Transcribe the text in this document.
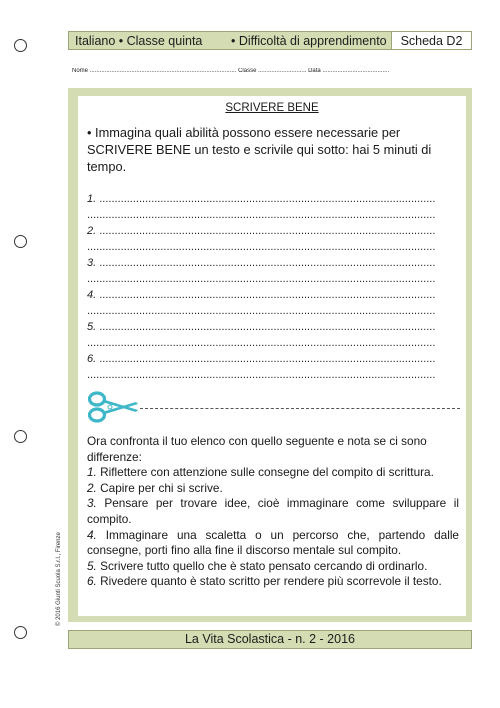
Italiano • Classe quinta	• Difficoltà di apprendimento	Scheda D2
Nome ........................................................................................ Classe ............................. Data ........................................
SCRIVERE BENE
• Immagina quali abilità possono essere necessarie per SCRIVERE BENE un testo e scrivile qui sotto: hai 5 minuti di tempo.
1. ..............................................................................................................
..................................................................................................................
2. ..............................................................................................................
..................................................................................................................
3. ..............................................................................................................
..................................................................................................................
4. ..............................................................................................................
..................................................................................................................
5. ..............................................................................................................
..................................................................................................................
6. ..............................................................................................................
..................................................................................................................
Ora confronta il tuo elenco con quello seguente e nota se ci sono differenze:
1. Riflettere con attenzione sulle consegne del compito di scrittura.
2. Capire per chi si scrive.
3. Pensare per trovare idee, cioè immaginare come sviluppare il compito.
4. Immaginare una scaletta o un percorso che, partendo dalle consegne, porti fino alla fine il discorso mentale sul compito.
5. Scrivere tutto quello che è stato pensato cercando di ordinarlo.
6. Rivedere quanto è stato scritto per rendere più scorrevole il testo.
© 2016 Giunti Scuola S.r.l., Firenze
La Vita Scolastica - n. 2 - 2016
